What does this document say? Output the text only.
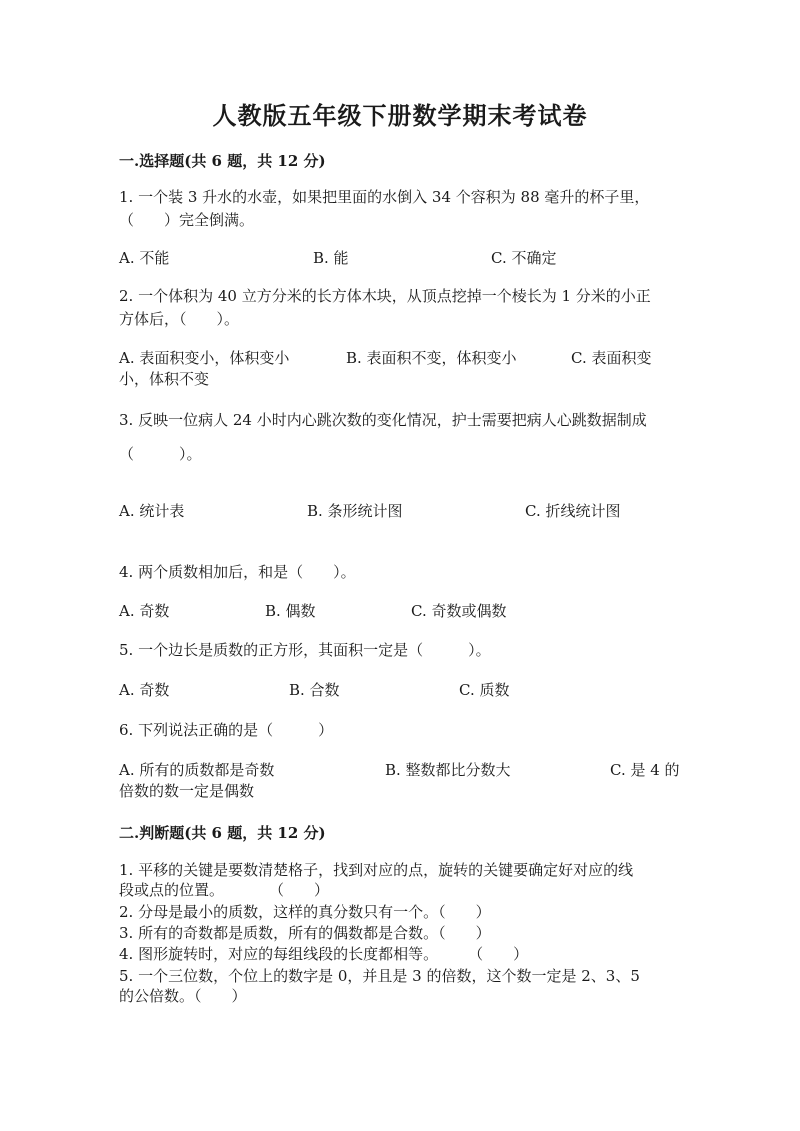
人教版五年级下册数学期末考试卷
一.选择题(共 6 题，共 12 分)
1. 一个装 3 升水的水壶，如果把里面的水倒入 34 个容积为 88 毫升的杯子里，
（　　）完全倒满。
A. 不能	B. 能	C. 不确定
2. 一个体积为 40 立方分米的长方体木块，从顶点挖掉一个棱长为 1 分米的小正
方体后，（　　）。
A. 表面积变小，体积变小	B. 表面积不变，体积变小	C. 表面积变
小，体积不变
3. 反映一位病人 24 小时内心跳次数的变化情况，护士需要把病人心跳数据制成
（　　　）。
A. 统计表	B. 条形统计图	C. 折线统计图
4. 两个质数相加后，和是（　　）。
A. 奇数	B. 偶数	C. 奇数或偶数
5. 一个边长是质数的正方形，其面积一定是（　　　）。
A. 奇数	B. 合数	C. 质数
6. 下列说法正确的是（　　　）
A. 所有的质数都是奇数	B. 整数都比分数大	C. 是 4 的
倍数的数一定是偶数
二.判断题(共 6 题，共 12 分)
1. 平移的关键是要数清楚格子，找到对应的点，旋转的关键要确定好对应的线
段或点的位置。　　　　（　　）
2. 分母是最小的质数，这样的真分数只有一个。（　　）
3. 所有的奇数都是质数，所有的偶数都是合数。（　　）
4. 图形旋转时，对应的每组线段的长度都相等。　　　（　　）
5. 一个三位数，个位上的数字是 0，并且是 3 的倍数，这个数一定是 2、3、5
的公倍数。（　　）
